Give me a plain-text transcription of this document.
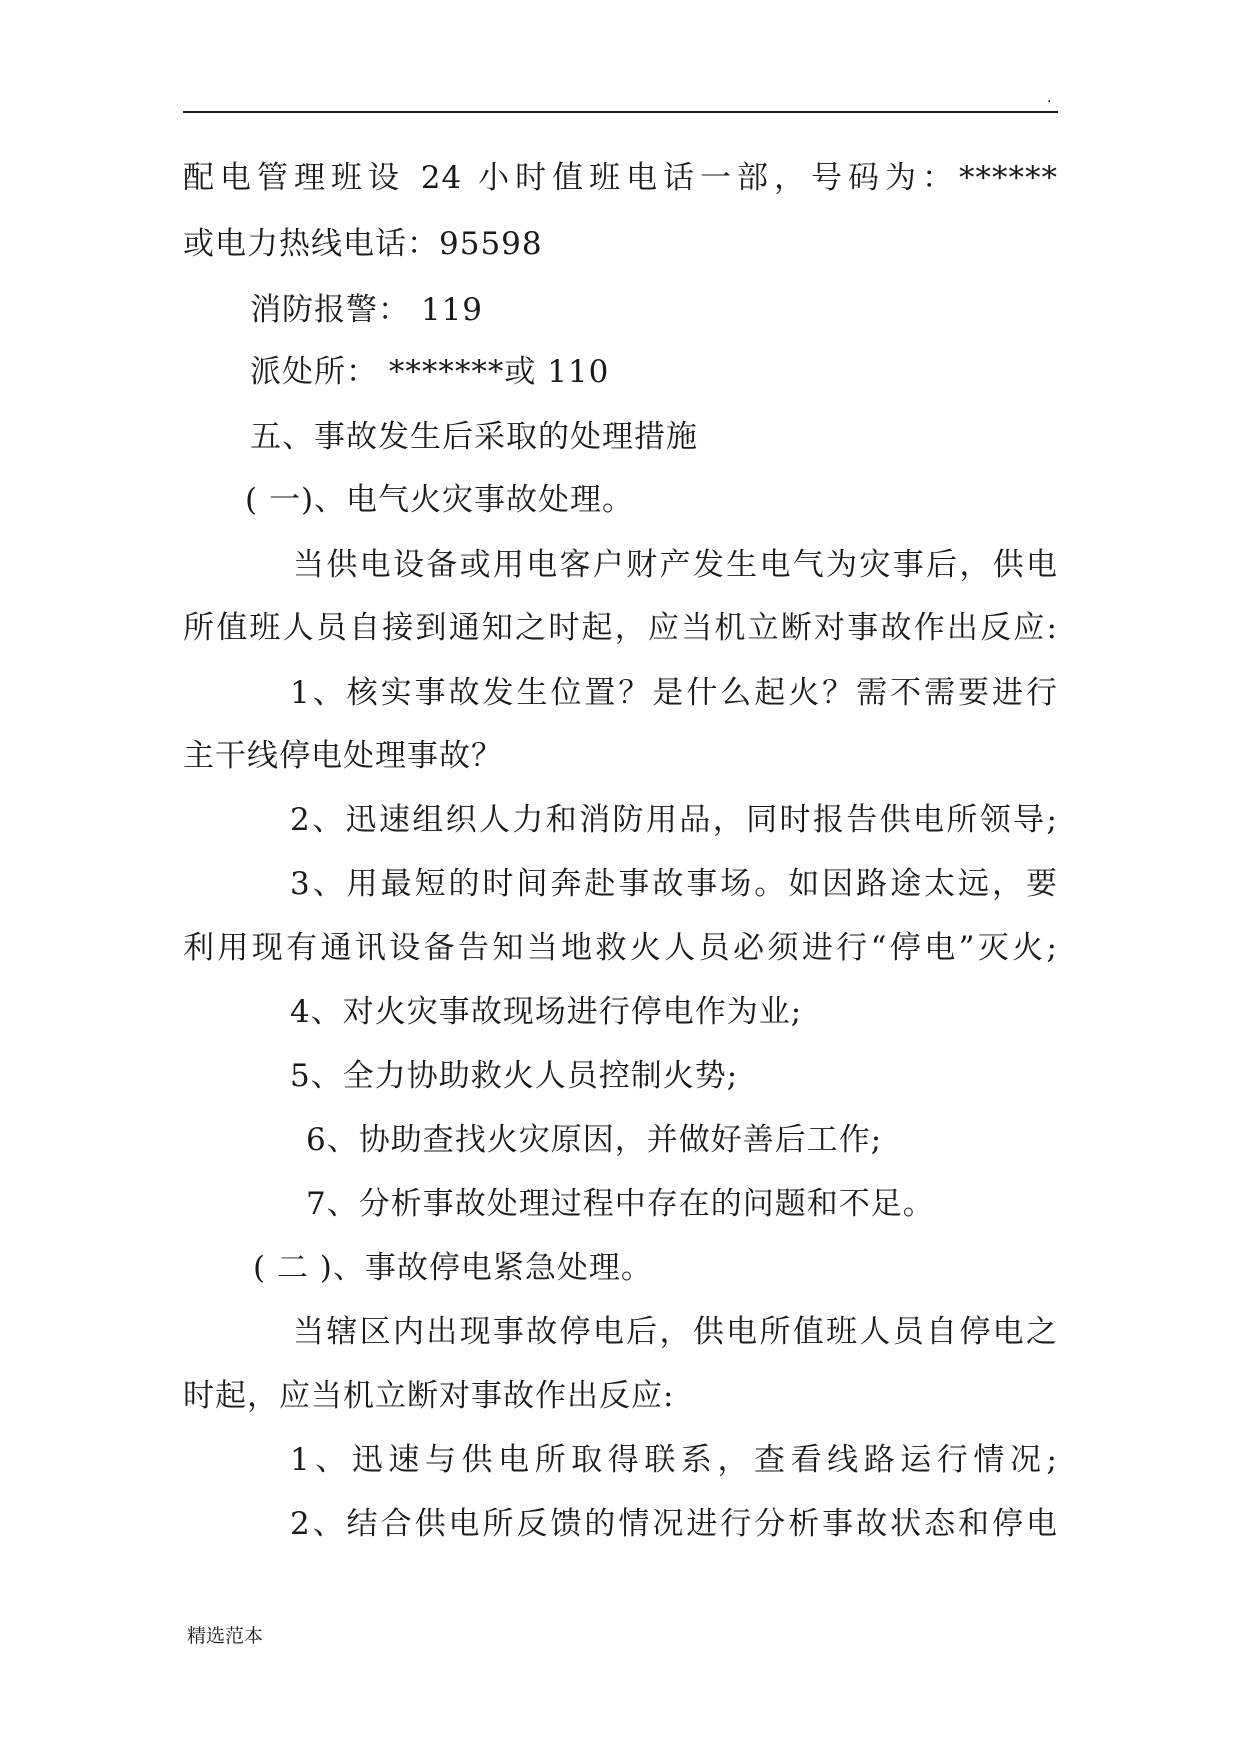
.
配电管理班设 24 小时值班电话一部，号码为：******
或电力热线电话：95598
消防报警： 119
派处所： *******或 110
五、事故发生后采取的处理措施
( 一)、电气火灾事故处理。
当供电设备或用电客户财产发生电气为灾事后，供电
所值班人员自接到通知之时起，应当机立断对事故作出反应:
1、核实事故发生位置？是什么起火？需不需要进行
主干线停电处理事故？
2、迅速组织人力和消防用品，同时报告供电所领导;
3、用最短的时间奔赴事故事场。如因路途太远，要
利用现有通讯设备告知当地救火人员必须进行“停电”灭火;
4、对火灾事故现场进行停电作为业;
5、全力协助救火人员控制火势;
6、协助查找火灾原因，并做好善后工作;
7、分析事故处理过程中存在的问题和不足。
( 二 )、事故停电紧急处理。
当辖区内出现事故停电后，供电所值班人员自停电之
时起，应当机立断对事故作出反应:
1、迅速与供电所取得联系，查看线路运行情况;
2、结合供电所反馈的情况进行分析事故状态和停电
精选范本
